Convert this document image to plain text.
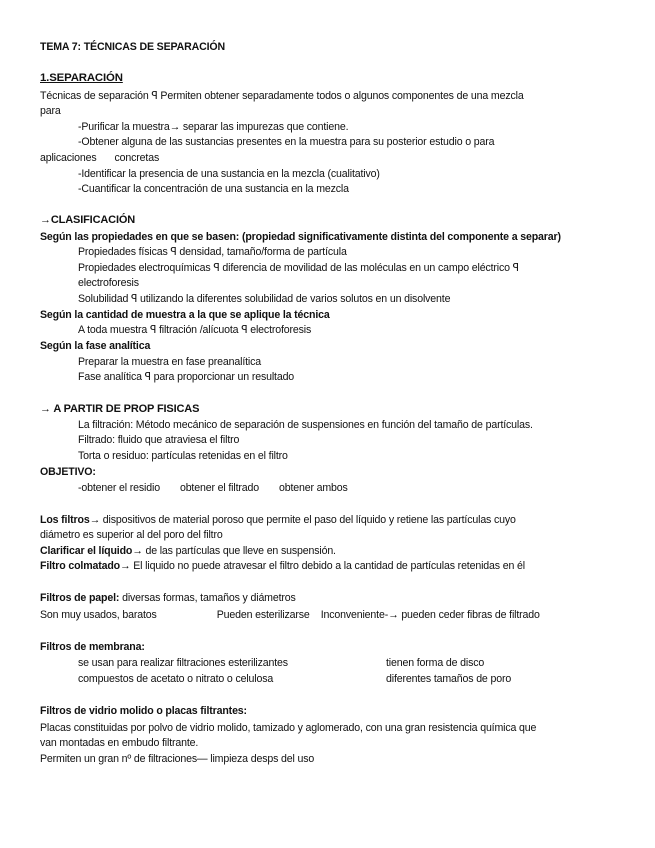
TEMA 7: TÉCNICAS DE SEPARACIÓN
1.SEPARACIÓN
Técnicas de separación ꟼ Permiten obtener separadamente todos o algunos componentes de una mezcla
para
-Purificar la muestra→ separar las impurezas que contiene.
-Obtener alguna de las sustancias presentes en la muestra para su posterior estudio o para
aplicaciones concretas
-Identificar la presencia de una sustancia en la mezcla (cualitativo)
-Cuantificar la concentración de una sustancia en la mezcla
→CLASIFICACIÓN
Según las propiedades en que se basen: (propiedad significativamente distinta del componente a separar)
Propiedades físicas ꟼ densidad, tamaño/forma de partícula
Propiedades electroquímicas ꟼ diferencia de movilidad de las moléculas en un campo eléctrico ꟼ
electroforesis
Solubilidad ꟼ utilizando la diferentes solubilidad de varios solutos en un disolvente
Según la cantidad de muestra a la que se aplique la técnica
A toda muestra ꟼ filtración /alícuota ꟼ electroforesis
Según la fase analítica
Preparar la muestra en fase preanalítica
Fase analítica ꟼ para proporcionar un resultado
→ A PARTIR DE PROP FISICAS
La filtración: Método mecánico de separación de suspensiones en función del tamaño de partículas.
Filtrado: fluido que atraviesa el filtro
Torta o residuo: partículas retenidas en el filtro
OBJETIVO:
-obtener el residio obtener el filtrado obtener ambos
Los filtros→ dispositivos de material poroso que permite el paso del líquido y retiene las partículas cuyo
diámetro es superior al del poro del filtro
Clarificar el líquido→ de las partículas que lleve en suspensión.
Filtro colmatado→ El liquido no puede atravesar el filtro debido a la cantidad de partículas retenidas en él
Filtros de papel: diversas formas, tamaños y diámetros
Son muy usados, baratos	Pueden esterilizarse Inconveniente-→ pueden ceder fibras de filtrado
Filtros de membrana:
se usan para realizar filtraciones esterilizantes	tienen forma de disco
compuestos de acetato o nitrato o celulosa	diferentes tamaños de poro
Filtros de vidrio molido o placas filtrantes:
Placas constituidas por polvo de vidrio molido, tamizado y aglomerado, con una gran resistencia química que
van montadas en embudo filtrante.
Permiten un gran nº de filtraciones— limpieza desps del uso
